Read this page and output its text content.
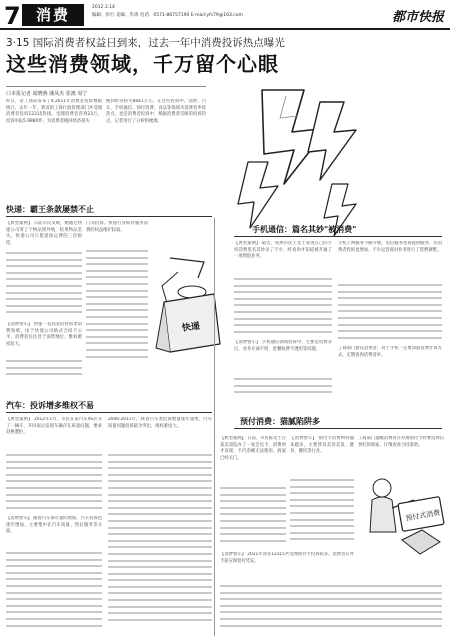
7	消费	2012.3.14
编辑：彭行 美编：毕禹 电话：0571-86757190 E-mail:yfs79@163.com	都市快报
3·15 国际消费者权益日到来，过去一年中消费投诉热点曝光
这些消费领域，千万留个心眼
口本报记者 闻晓燕 潘凤杰 张澳 周宁
昨日，省工商局发布了4,2011年消费者投诉数据统计。去年一年，我省的工商行政管理部门共受理消费者投诉12315热线，受理消费者咨询23万，投诉举报5.9880件，为消费者挽回经济损失
挽回经济损失8041万元。在这些投诉中，消费、汽车、手机通信、预付消费、食品等领域为消费者申诉热点，也是消费者投诉中，根据消费者反映的投诉热点，记者进行了分析和梳理。
快递：霸王条款屡禁不止
【典型案例】 日前市民反映，她通过快递公司寄了个物品到外地，结果物品丢失，快递公司只愿意按运费的三倍赔偿。
【消费警示】 快递一直高发的投诉类消费领域，由于快递公司格式合同不公平，消费者往往处于弱势地位，维权难度较大。
门等投诉。快递行业标价服务消费的权益维护较弱。
快递
手机通信：篇名其妙"被消费"
【典型案例】 最近，杭州市民王女士发现自己的手机话费莫名其妙多了不少，经查询才知道被开通了一项增值业务。
【消费警示】 手机通信领域投诉中，主要是资费争议，业务开通不明，套餐收费不透明等问题。
手机上网服务不断升级，电信服务也再提供服务，但消费者投诉也增加，不少运营商对业务进行了资费调整。
工商部门建议消费者，对于手机一定要知道资费计算方式，定期查询话费清单。
汽车：投诉增多维权不易
【典型案例】 2012年1月，市民在某汽车4S店买了一辆车，开回家后发现车辆存在质量问题，要求退换遭拒。
【消费警示】 随着汽车保有量的增加，汽车投诉也逐年增加，主要集中在汽车质量、售后服务等方面。
2006-2011年，我省汽车类投诉数量逐年递增，汽车质量问题投诉最为突出，维权难度大。
预付消费：猫腻陷阱多
【典型案例】 日前，市民陈女士在某美容院办了一张会员卡，消费时才发现，卡内余额无法使用，商家已经关门。
【消费警示】 预付卡消费纠纷越来越多，主要涉及美容美发、健身、餐饮等行业。
工商部门提醒消费者在办理预付卡时要选择信誉好的商家，仔细查看合同条款。
预付式消费
【消费警示】 2011年我省12315共受理预付卡投诉较多，消费者在办卡前应保留好凭证。
